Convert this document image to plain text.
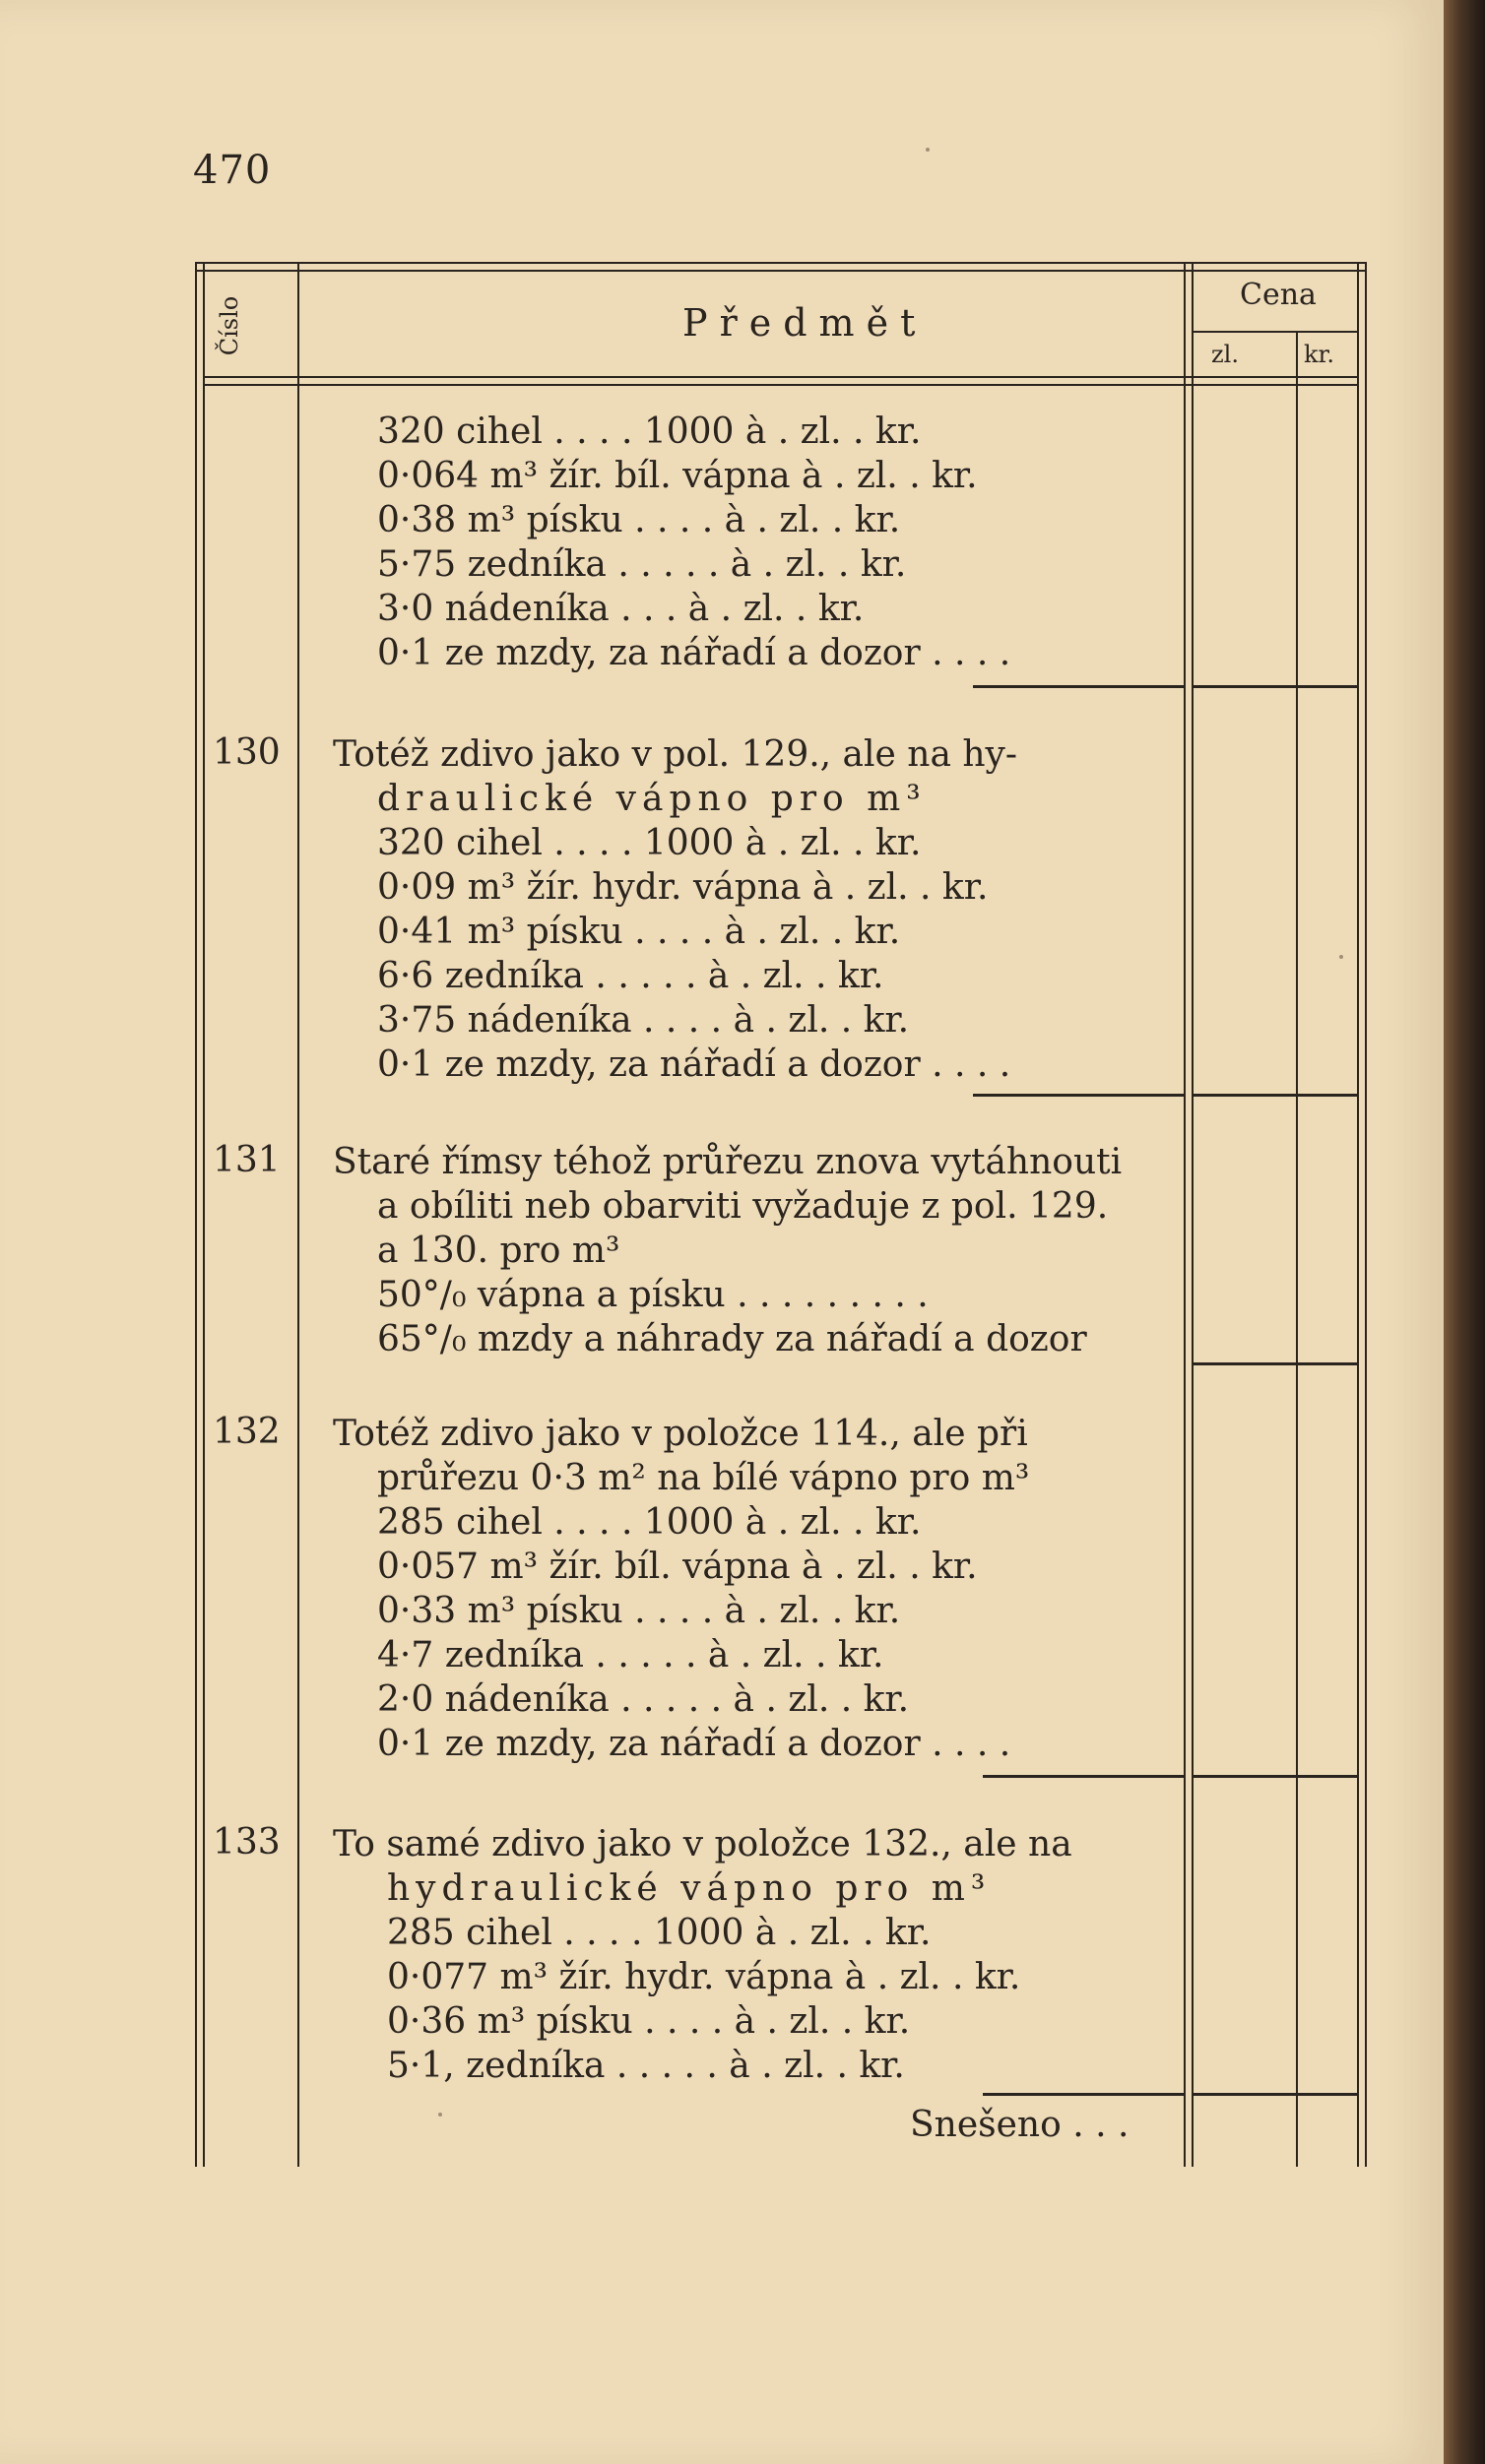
470
Číslo	Předmět
Cena
zl.	kr.
320 cihel . . . . 1000 à . zl. . kr.
0·064 m³ žír. bíl. vápna à . zl. . kr.
0·38 m³ písku . . . . à . zl. . kr.
5·75 zedníka . . . . . à . zl. . kr.
3·0 nádeníka . . . à . zl. . kr.
0·1 ze mzdy, za nářadí a dozor . . . .
130 Totéž zdivo jako v pol. 129., ale na hy-
draulické vápno pro m³
320 cihel . . . . 1000 à . zl. . kr.
0·09 m³ žír. hydr. vápna à . zl. . kr.
0·41 m³ písku . . . . à . zl. . kr.
6·6 zedníka . . . . . à . zl. . kr.
3·75 nádeníka . . . . à . zl. . kr.
0·1 ze mzdy, za nářadí a dozor . . . .
131 Staré římsy téhož průřezu znova vytáhnouti
a obíliti neb obarviti vyžaduje z pol. 129.
a 130. pro m³
50°/₀ vápna a písku . . . . . . . . .
65°/₀ mzdy a náhrady za nářadí a dozor
132 Totéž zdivo jako v položce 114., ale při
průřezu 0·3 m² na bílé vápno pro m³
285 cihel . . . . 1000 à . zl. . kr.
0·057 m³ žír. bíl. vápna à . zl. . kr.
0·33 m³ písku . . . . à . zl. . kr.
4·7 zedníka . . . . . à . zl. . kr.
2·0 nádeníka . . . . . à . zl. . kr.
0·1 ze mzdy, za nářadí a dozor . . . .
133 To samé zdivo jako v položce 132., ale na
hydraulické vápno pro m³
285 cihel . . . . 1000 à . zl. . kr.
0·077 m³ žír. hydr. vápna à . zl. . kr.
0·36 m³ písku . . . . à . zl. . kr.
5·1, zedníka . . . . . à . zl. . kr.
Snešeno . . .
